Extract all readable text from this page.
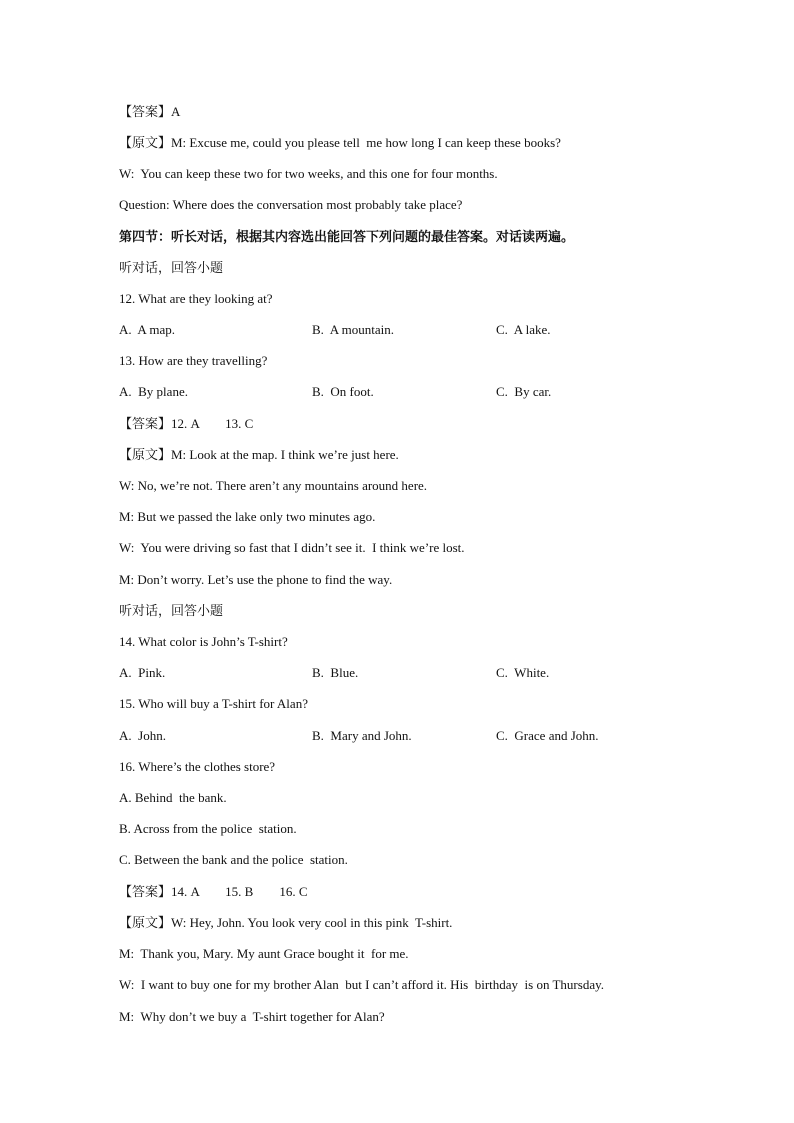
【答案】A
【原文】M: Excuse me, could you please tell  me how long I can keep these books?
W:  You can keep these two for two weeks, and this one for four months.
Question: Where does the conversation most probably take place?
第四节：听长对话，根据其内容选出能回答下列问题的最佳答案。对话读两遍。
听对话，回答小题
12. What are they looking at?
A.  A map.	B.  A mountain.	C.  A lake.
13. How are they travelling?
A.  By plane.	B.  On foot.	C.  By car.
【答案】12. A        13. C
【原文】M: Look at the map. I think we’re just here.
W: No, we’re not. There aren’t any mountains around here.
M: But we passed the lake only two minutes ago.
W:  You were driving so fast that I didn’t see it.  I think we’re lost.
M: Don’t worry. Let’s use the phone to find the way.
听对话，回答小题
14. What color is John’s T-shirt?
A.  Pink.	B.  Blue.	C.  White.
15. Who will buy a T-shirt for Alan?
A.  John.	B.  Mary and John.	C.  Grace and John.
16. Where’s the clothes store?
A. Behind  the bank.
B. Across from the police  station.
C. Between the bank and the police  station.
【答案】14. A        15. B        16. C
【原文】W: Hey, John. You look very cool in this pink  T-shirt.
M:  Thank you, Mary. My aunt Grace bought it  for me.
W:  I want to buy one for my brother Alan  but I can’t afford it. His  birthday  is on Thursday.
M:  Why don’t we buy a  T-shirt together for Alan?
